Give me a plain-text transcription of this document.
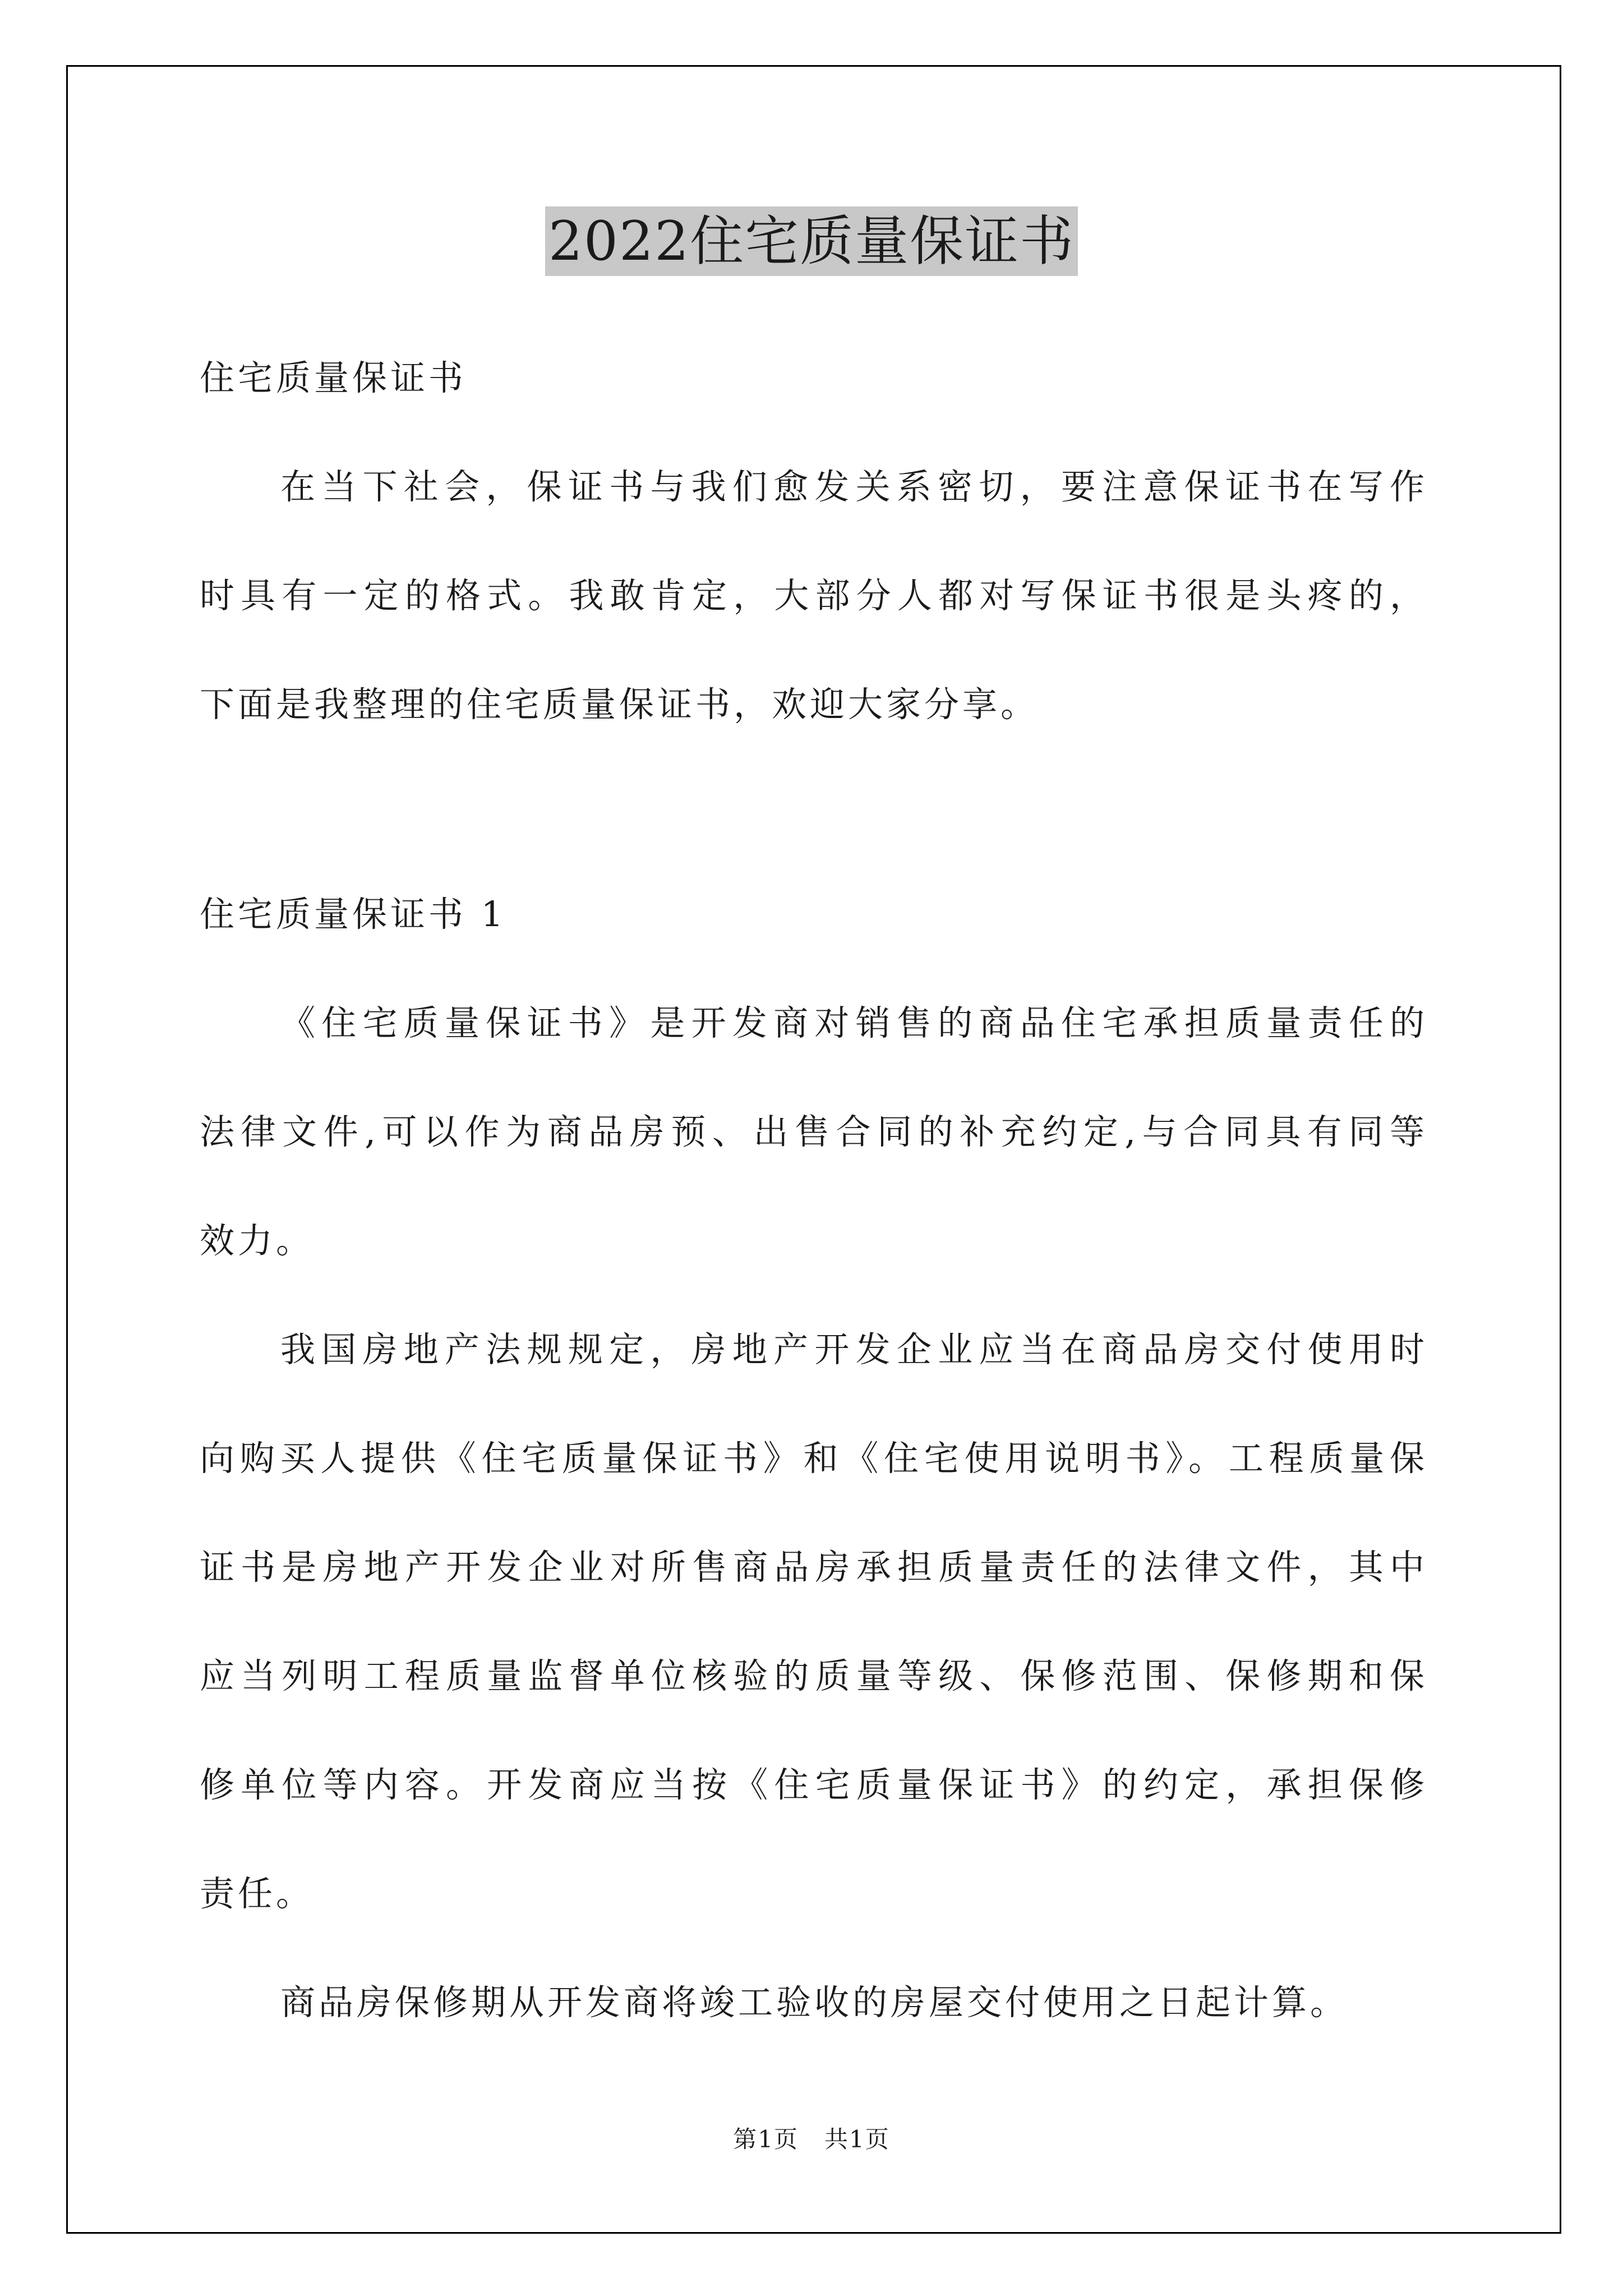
2022住宅质量保证书
住宅质量保证书
在当下社会，保证书与我们愈发关系密切，要注意保证书在写作
时具有一定的格式。我敢肯定，大部分人都对写保证书很是头疼的，
下面是我整理的住宅质量保证书，欢迎大家分享。
住宅质量保证书 1
《住宅质量保证书》是开发商对销售的商品住宅承担质量责任的
法律文件,可以作为商品房预、出售合同的补充约定,与合同具有同等
效力。
我国房地产法规规定，房地产开发企业应当在商品房交付使用时
向购买人提供《住宅质量保证书》和《住宅使用说明书》。工程质量保
证书是房地产开发企业对所售商品房承担质量责任的法律文件，其中
应当列明工程质量监督单位核验的质量等级、保修范围、保修期和保
修单位等内容。开发商应当按《住宅质量保证书》的约定，承担保修
责任。
商品房保修期从开发商将竣工验收的房屋交付使用之日起计算。
第1页   共1页
